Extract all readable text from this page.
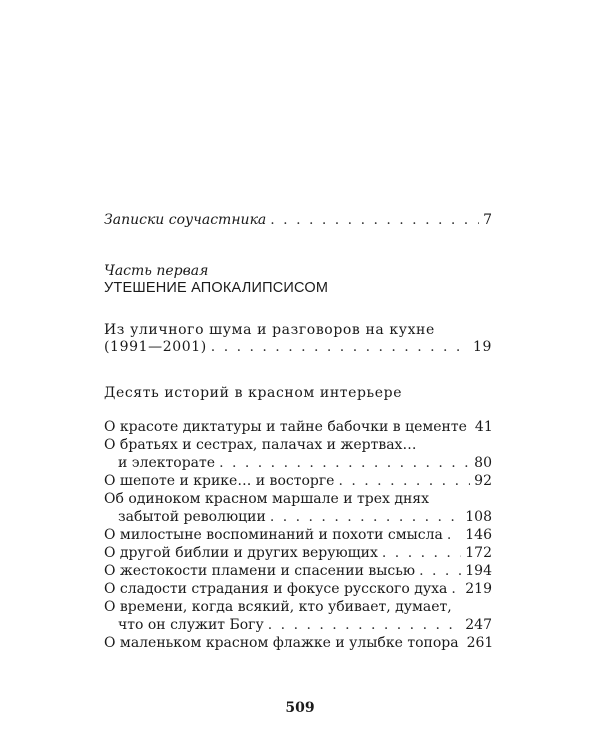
Записки соучастника . . .	7
Часть первая
УТЕШЕНИЕ АПОКАЛИПСИСОМ
Из уличного шума и разговоров на кухне
(1991—2001) . . .	19
Десять историй в красном интерьере
О красоте диктатуры и тайне бабочки в цементе 41
О братьях и сестрах, палачах и жертвах…
и электорате . . .	80
О шепоте и крике… и восторге . . .	92
Об одиноком красном маршале и трех днях
забытой революции . . .	108
О милостыне воспоминаний и похоти смысла . . . 146
О другой библии и других верующих . . .	172
О жестокости пламени и спасении высью . . .	194
О сладости страдания и фокусе русского духа . . . 219
О времени, когда всякий, кто убивает, думает,
что он служит Богу . . .	247
О маленьком красном флажке и улыбке топора 261
509
